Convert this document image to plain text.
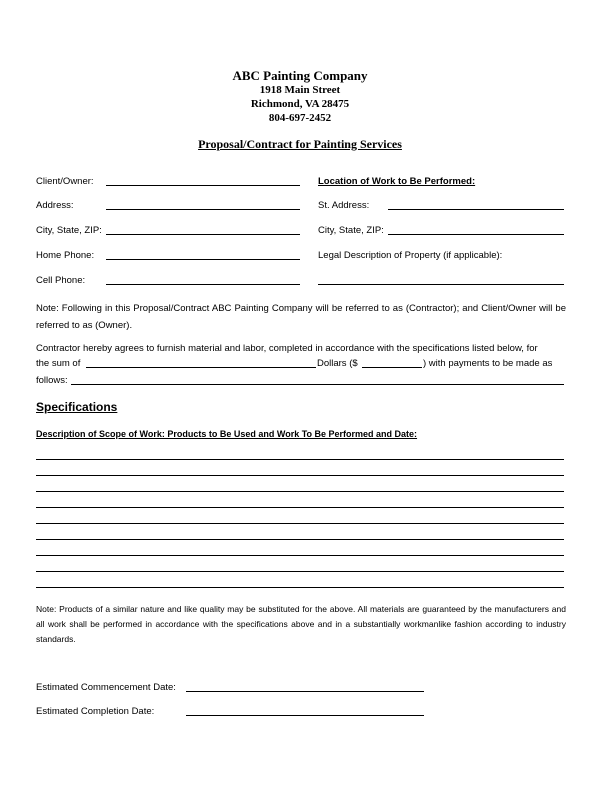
ABC Painting Company
1918 Main Street
Richmond, VA 28475
804-697-2452
Proposal/Contract for Painting Services
Client/Owner:
Address:
City, State, ZIP:
Home Phone:
Cell Phone:
Location of Work to Be Performed:
St. Address:
City, State, ZIP:
Legal Description of Property (if applicable):
Note: Following in this Proposal/Contract ABC Painting Company will be referred to as (Contractor); and Client/Owner will be referred to as (Owner).
Contractor hereby agrees to furnish material and labor, completed in accordance with the specifications listed below, for
the sum of	Dollars ($	) with payments to be made as
follows:
Specifications
Description of Scope of Work: Products to Be Used and Work To Be Performed and Date:
Note: Products of a similar nature and like quality may be substituted for the above. All materials are guaranteed by the manufacturers and all work shall be performed in accordance with the specifications above and in a substantially workmanlike fashion according to industry standards.
Estimated Commencement Date:
Estimated Completion Date:
